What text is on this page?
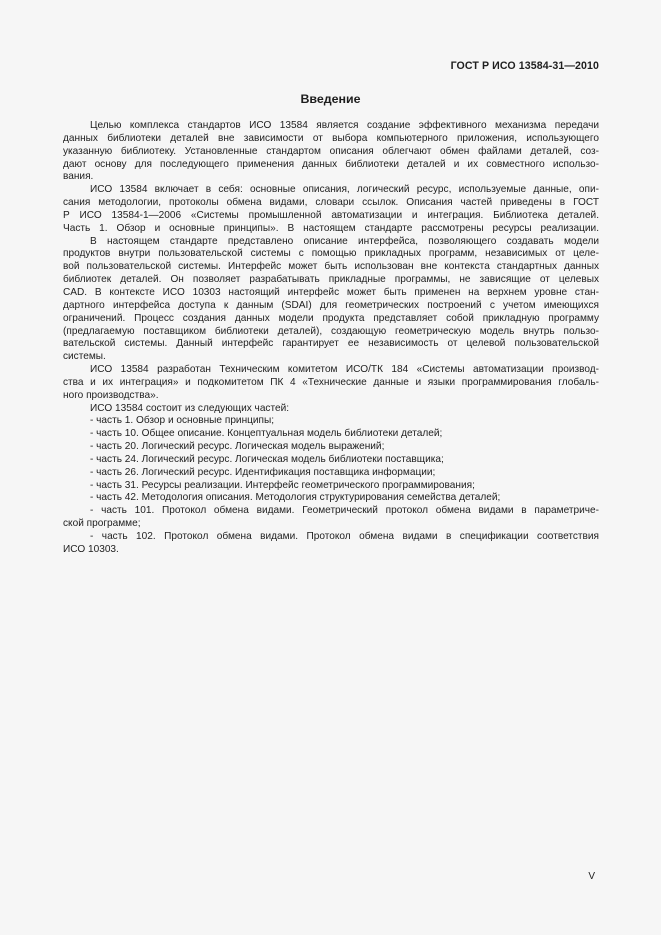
ГОСТ Р ИСО 13584-31—2010
Введение
Целью комплекса стандартов ИСО 13584 является создание эффективного механизма передачи
данных библиотеки деталей вне зависимости от выбора компьютерного приложения, использующего
указанную библиотеку. Установленные стандартом описания облегчают обмен файлами деталей, соз-
дают основу для последующего применения данных библиотеки деталей и их совместного использо-
вания.
ИСО 13584 включает в себя: основные описания, логический ресурс, используемые данные, опи-
сания методологии, протоколы обмена видами, словари ссылок. Описания частей приведены в ГОСТ
Р ИСО 13584-1—2006 «Системы промышленной автоматизации и интеграция. Библиотека деталей.
Часть 1. Обзор и основные принципы». В настоящем стандарте рассмотрены ресурсы реализации.
В настоящем стандарте представлено описание интерфейса, позволяющего создавать модели
продуктов внутри пользовательской системы с помощью прикладных программ, независимых от целе-
вой пользовательской системы. Интерфейс может быть использован вне контекста стандартных данных
библиотек деталей. Он позволяет разрабатывать прикладные программы, не зависящие от целевых
CAD. В контексте ИСО 10303 настоящий интерфейс может быть применен на верхнем уровне стан-
дартного интерфейса доступа к данным (SDAI) для геометрических построений с учетом имеющихся
ограничений. Процесс создания данных модели продукта представляет собой прикладную программу
(предлагаемую поставщиком библиотеки деталей), создающую геометрическую модель внутрь пользо-
вательской системы. Данный интерфейс гарантирует ее независимость от целевой пользовательской
системы.
ИСО 13584 разработан Техническим комитетом ИСО/ТК 184 «Системы автоматизации производ-
ства и их интеграция» и подкомитетом ПК 4 «Технические данные и языки программирования глобаль-
ного производства».
ИСО 13584 состоит из следующих частей:
- часть 1. Обзор и основные принципы;
- часть 10. Общее описание. Концептуальная модель библиотеки деталей;
- часть 20. Логический ресурс. Логическая модель выражений;
- часть 24. Логический ресурс. Логическая модель библиотеки поставщика;
- часть 26. Логический ресурс. Идентификация поставщика информации;
- часть 31. Ресурсы реализации. Интерфейс геометрического программирования;
- часть 42. Методология описания. Методология структурирования семейства деталей;
- часть 101. Протокол обмена видами. Геометрический протокол обмена видами в параметриче-
ской программе;
- часть 102. Протокол обмена видами. Протокол обмена видами в спецификации соответствия
ИСО 10303.
V
